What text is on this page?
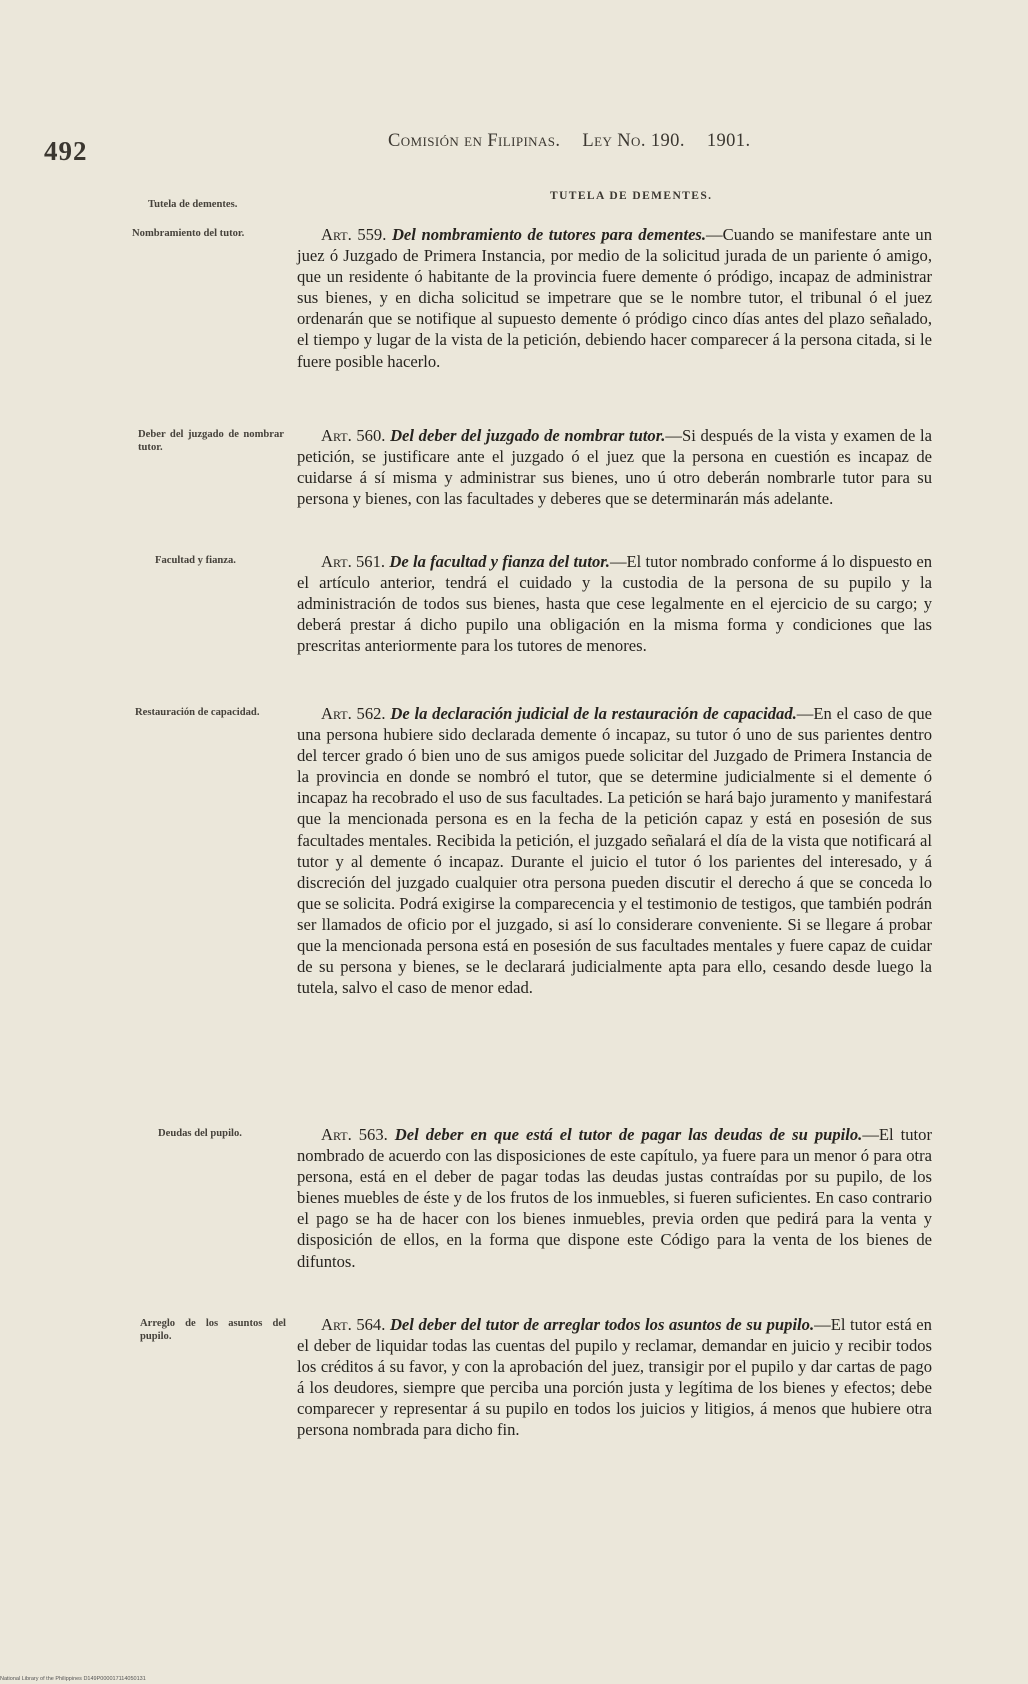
492	Comisión en Filipinas. Ley No. 190. 1901.
TUTELA DE DEMENTES.
Tutela de dementes.
Nombramiento del tutor.
Deber del juzgado de nombrar tutor.
Facultad y fianza.
Restauración de capacidad.
Deudas del pupilo.
Arreglo de los asuntos del pupilo.
Art. 559. Del nombramiento de tutores para dementes.—Cuando se manifestare ante un juez ó Juzgado de Primera Instancia, por medio de la solicitud jurada de un pariente ó amigo, que un residente ó habitante de la provincia fuere demente ó pródigo, incapaz de administrar sus bienes, y en dicha solicitud se impetrare que se le nombre tutor, el tribunal ó el juez ordenarán que se notifique al supuesto demente ó pródigo cinco días antes del plazo señalado, el tiempo y lugar de la vista de la petición, debiendo hacer comparecer á la persona citada, si le fuere posible hacerlo.
Art. 560. Del deber del juzgado de nombrar tutor.—Si después de la vista y examen de la petición, se justificare ante el juzgado ó el juez que la persona en cuestión es incapaz de cuidarse á sí misma y administrar sus bienes, uno ú otro deberán nombrarle tutor para su persona y bienes, con las facultades y deberes que se determinarán más adelante.
Art. 561. De la facultad y fianza del tutor.—El tutor nombrado conforme á lo dispuesto en el artículo anterior, tendrá el cuidado y la custodia de la persona de su pupilo y la administración de todos sus bienes, hasta que cese legalmente en el ejercicio de su cargo; y deberá prestar á dicho pupilo una obligación en la misma forma y condiciones que las prescritas anteriormente para los tutores de menores.
Art. 562. De la declaración judicial de la restauración de capacidad.—En el caso de que una persona hubiere sido declarada demente ó incapaz, su tutor ó uno de sus parientes dentro del tercer grado ó bien uno de sus amigos puede solicitar del Juzgado de Primera Instancia de la provincia en donde se nombró el tutor, que se determine judicialmente si el demente ó incapaz ha recobrado el uso de sus facultades. La petición se hará bajo juramento y manifestará que la mencionada persona es en la fecha de la petición capaz y está en posesión de sus facultades mentales. Recibida la petición, el juzgado señalará el día de la vista que notificará al tutor y al demente ó incapaz. Durante el juicio el tutor ó los parientes del interesado, y á discreción del juzgado cualquier otra persona pueden discutir el derecho á que se conceda lo que se solicita. Podrá exigirse la comparecencia y el testimonio de testigos, que también podrán ser llamados de oficio por el juzgado, si así lo considerare conveniente. Si se llegare á probar que la mencionada persona está en posesión de sus facultades mentales y fuere capaz de cuidar de su persona y bienes, se le declarará judicialmente apta para ello, cesando desde luego la tutela, salvo el caso de menor edad.
Art. 563. Del deber en que está el tutor de pagar las deudas de su pupilo.—El tutor nombrado de acuerdo con las disposiciones de este capítulo, ya fuere para un menor ó para otra persona, está en el deber de pagar todas las deudas justas contraídas por su pupilo, de los bienes muebles de éste y de los frutos de los inmuebles, si fueren suficientes. En caso contrario el pago se ha de hacer con los bienes inmuebles, previa orden que pedirá para la venta y disposición de ellos, en la forma que dispone este Código para la venta de los bienes de difuntos.
Art. 564. Del deber del tutor de arreglar todos los asuntos de su pupilo.—El tutor está en el deber de liquidar todas las cuentas del pupilo y reclamar, demandar en juicio y recibir todos los créditos á su favor, y con la aprobación del juez, transigir por el pupilo y dar cartas de pago á los deudores, siempre que perciba una porción justa y legítima de los bienes y efectos; debe comparecer y representar á su pupilo en todos los juicios y litigios, á menos que hubiere otra persona nombrada para dicho fin.
National Library of the Philippines D149P000017114050131
